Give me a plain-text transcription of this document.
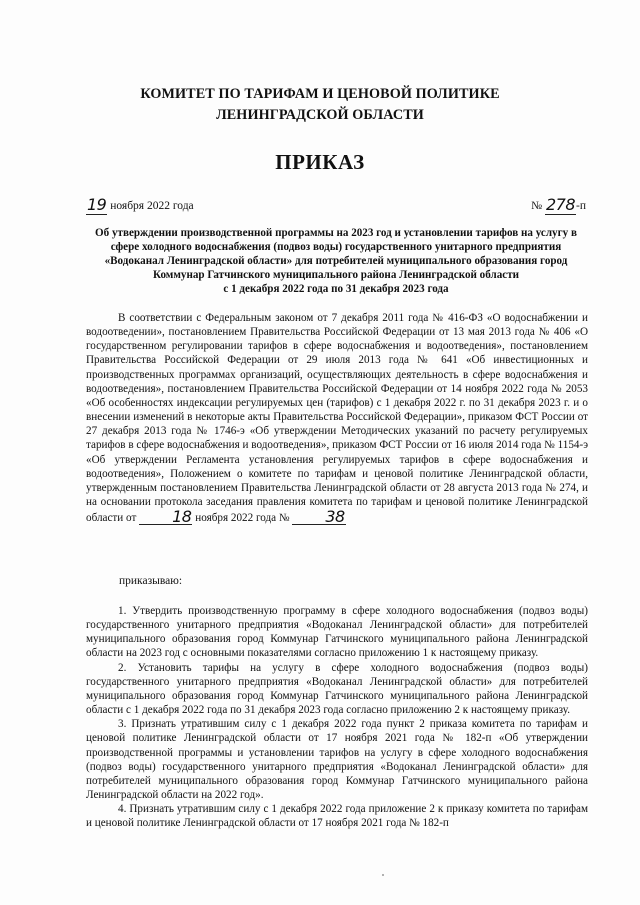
КОМИТЕТ ПО ТАРИФАМ И ЦЕНОВОЙ ПОЛИТИКЕ
ЛЕНИНГРАДСКОЙ ОБЛАСТИ
ПРИКАЗ
19 ноября 2022 года	№ 278-п
Об утверждении производственной программы на 2023 год и установлении тарифов на услугу в
сфере холодного водоснабжения (подвоз воды) государственного унитарного предприятия
«Водоканал Ленинградской области» для потребителей муниципального образования город
Коммунар Гатчинского муниципального района Ленинградской области
с 1 декабря 2022 года по 31 декабря 2023 года
В соответствии с Федеральным законом от 7 декабря 2011 года № 416-ФЗ «О водоснабжении и водоотведении», постановлением Правительства Российской Федерации от 13 мая 2013 года № 406 «О государственном регулировании тарифов в сфере водоснабжения и водоотведения», постановлением Правительства Российской Федерации от 29 июля 2013 года № 641 «Об инвестиционных и производственных программах организаций, осуществляющих деятельность в сфере водоснабжения и водоотведения», постановлением Правительства Российской Федерации от 14 ноября 2022 года № 2053 «Об особенностях индексации регулируемых цен (тарифов) с 1 декабря 2022 г. по 31 декабря 2023 г. и о внесении изменений в некоторые акты Правительства Российской Федерации», приказом ФСТ России от 27 декабря 2013 года № 1746-э «Об утверждении Методических указаний по расчету регулируемых тарифов в сфере водоснабжения и водоотведения», приказом ФСТ России от 16 июля 2014 года № 1154-э «Об утверждении Регламента установления регулируемых тарифов в сфере водоснабжения и водоотведения», Положением о комитете по тарифам и ценовой политике Ленинградской области, утвержденным постановлением Правительства Ленинградской области от 28 августа 2013 года № 274, и на основании протокола заседания правления комитета по тарифам и ценовой политике Ленинградской области от 18 ноября 2022 года № 38
приказываю:

1. Утвердить производственную программу в сфере холодного водоснабжения (подвоз воды) государственного унитарного предприятия «Водоканал Ленинградской области» для потребителей муниципального образования город Коммунар Гатчинского муниципального района Ленинградской области на 2023 год с основными показателями согласно приложению 1 к настоящему приказу.

2. Установить тарифы на услугу в сфере холодного водоснабжения (подвоз воды) государственного унитарного предприятия «Водоканал Ленинградской области» для потребителей муниципального образования город Коммунар Гатчинского муниципального района Ленинградской области с 1 декабря 2022 года по 31 декабря 2023 года согласно приложению 2 к настоящему приказу.

3. Признать утратившим силу с 1 декабря 2022 года пункт 2 приказа комитета по тарифам и ценовой политике Ленинградской области от 17 ноября 2021 года № 182-п «Об утверждении производственной программы и установлении тарифов на услугу в сфере холодного водоснабжения (подвоз воды) государственного унитарного предприятия «Водоканал Ленинградской области» для потребителей муниципального образования город Коммунар Гатчинского муниципального района Ленинградской области на 2022 год».

4. Признать утратившим силу с 1 декабря 2022 года приложение 2 к приказу комитета по тарифам и ценовой политике Ленинградской области от 17 ноября 2021 года № 182-п
